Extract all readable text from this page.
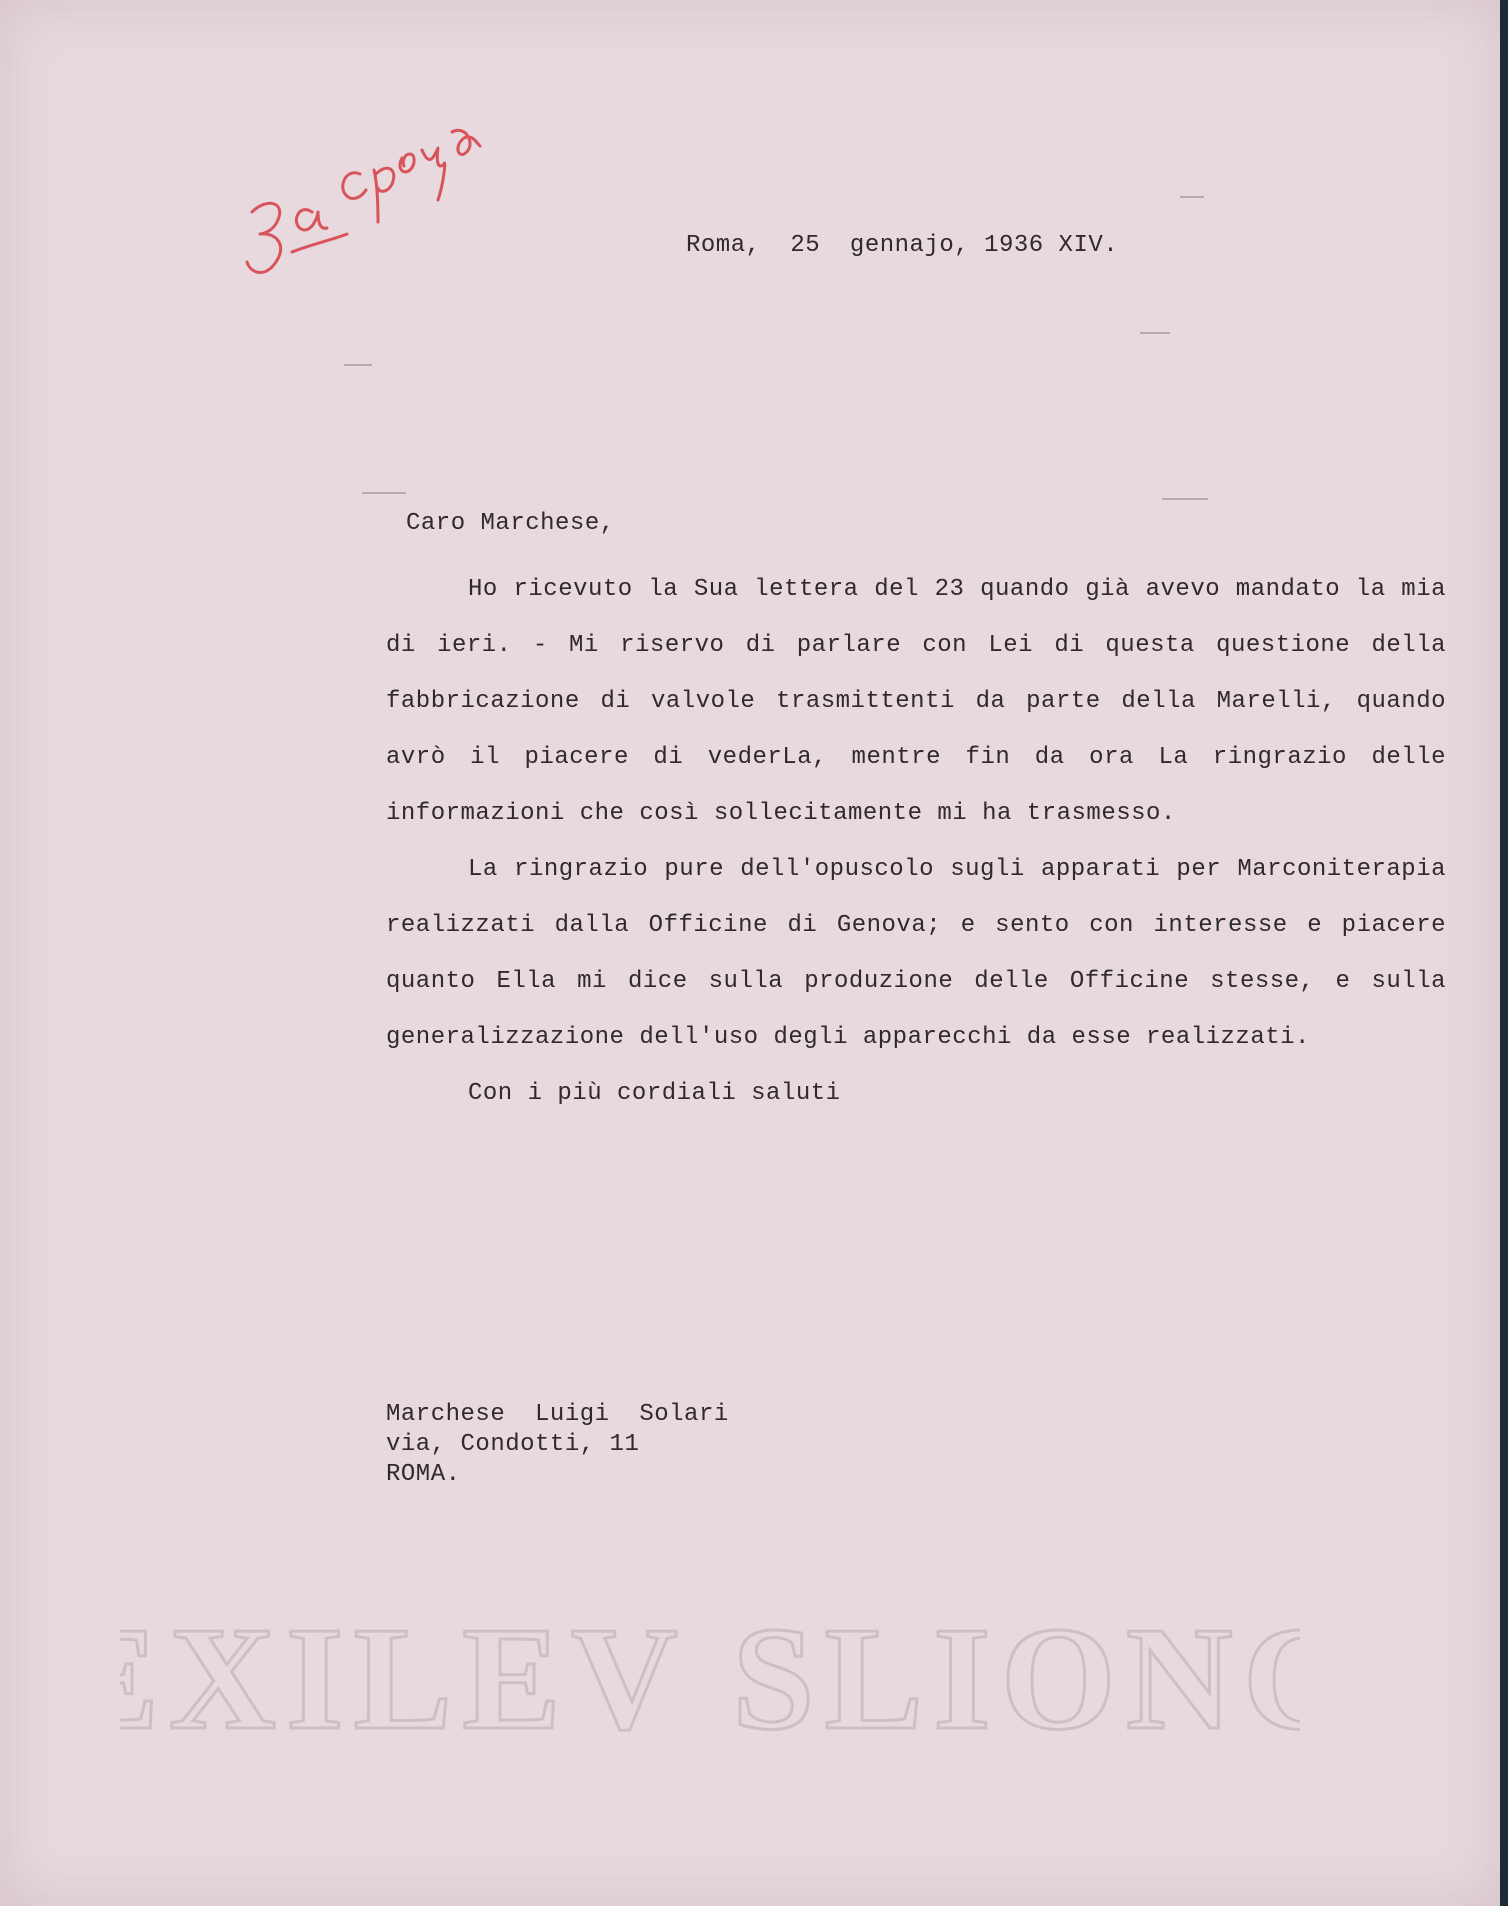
Roma,  25  gennajo, 1936 XIV.
Caro Marchese,

Ho ricevuto la Sua lettera del 23 quando già avevo mandato la mia di ieri. - Mi riservo di parlare con Lei di questa questione della fabbricazione di valvole trasmittenti da parte della Marelli, quando avrò il piacere di vederLa, mentre fin da ora La ringrazio delle informazioni che così sollecitamente mi ha trasmesso.

La ringrazio pure dell'opuscolo sugli apparati per Marconiterapia realizzati dalla Officine di Genova; e sento con interesse e piacere quanto Ella mi dice sulla produzione delle Officine stesse, e sulla generalizzazione dell'uso degli apparecchi da esse realizzati.

Con i più cordiali saluti
Marchese  Luigi  Solari
via, Condotti, 11
ROMA.
EXILEV SLIONC
